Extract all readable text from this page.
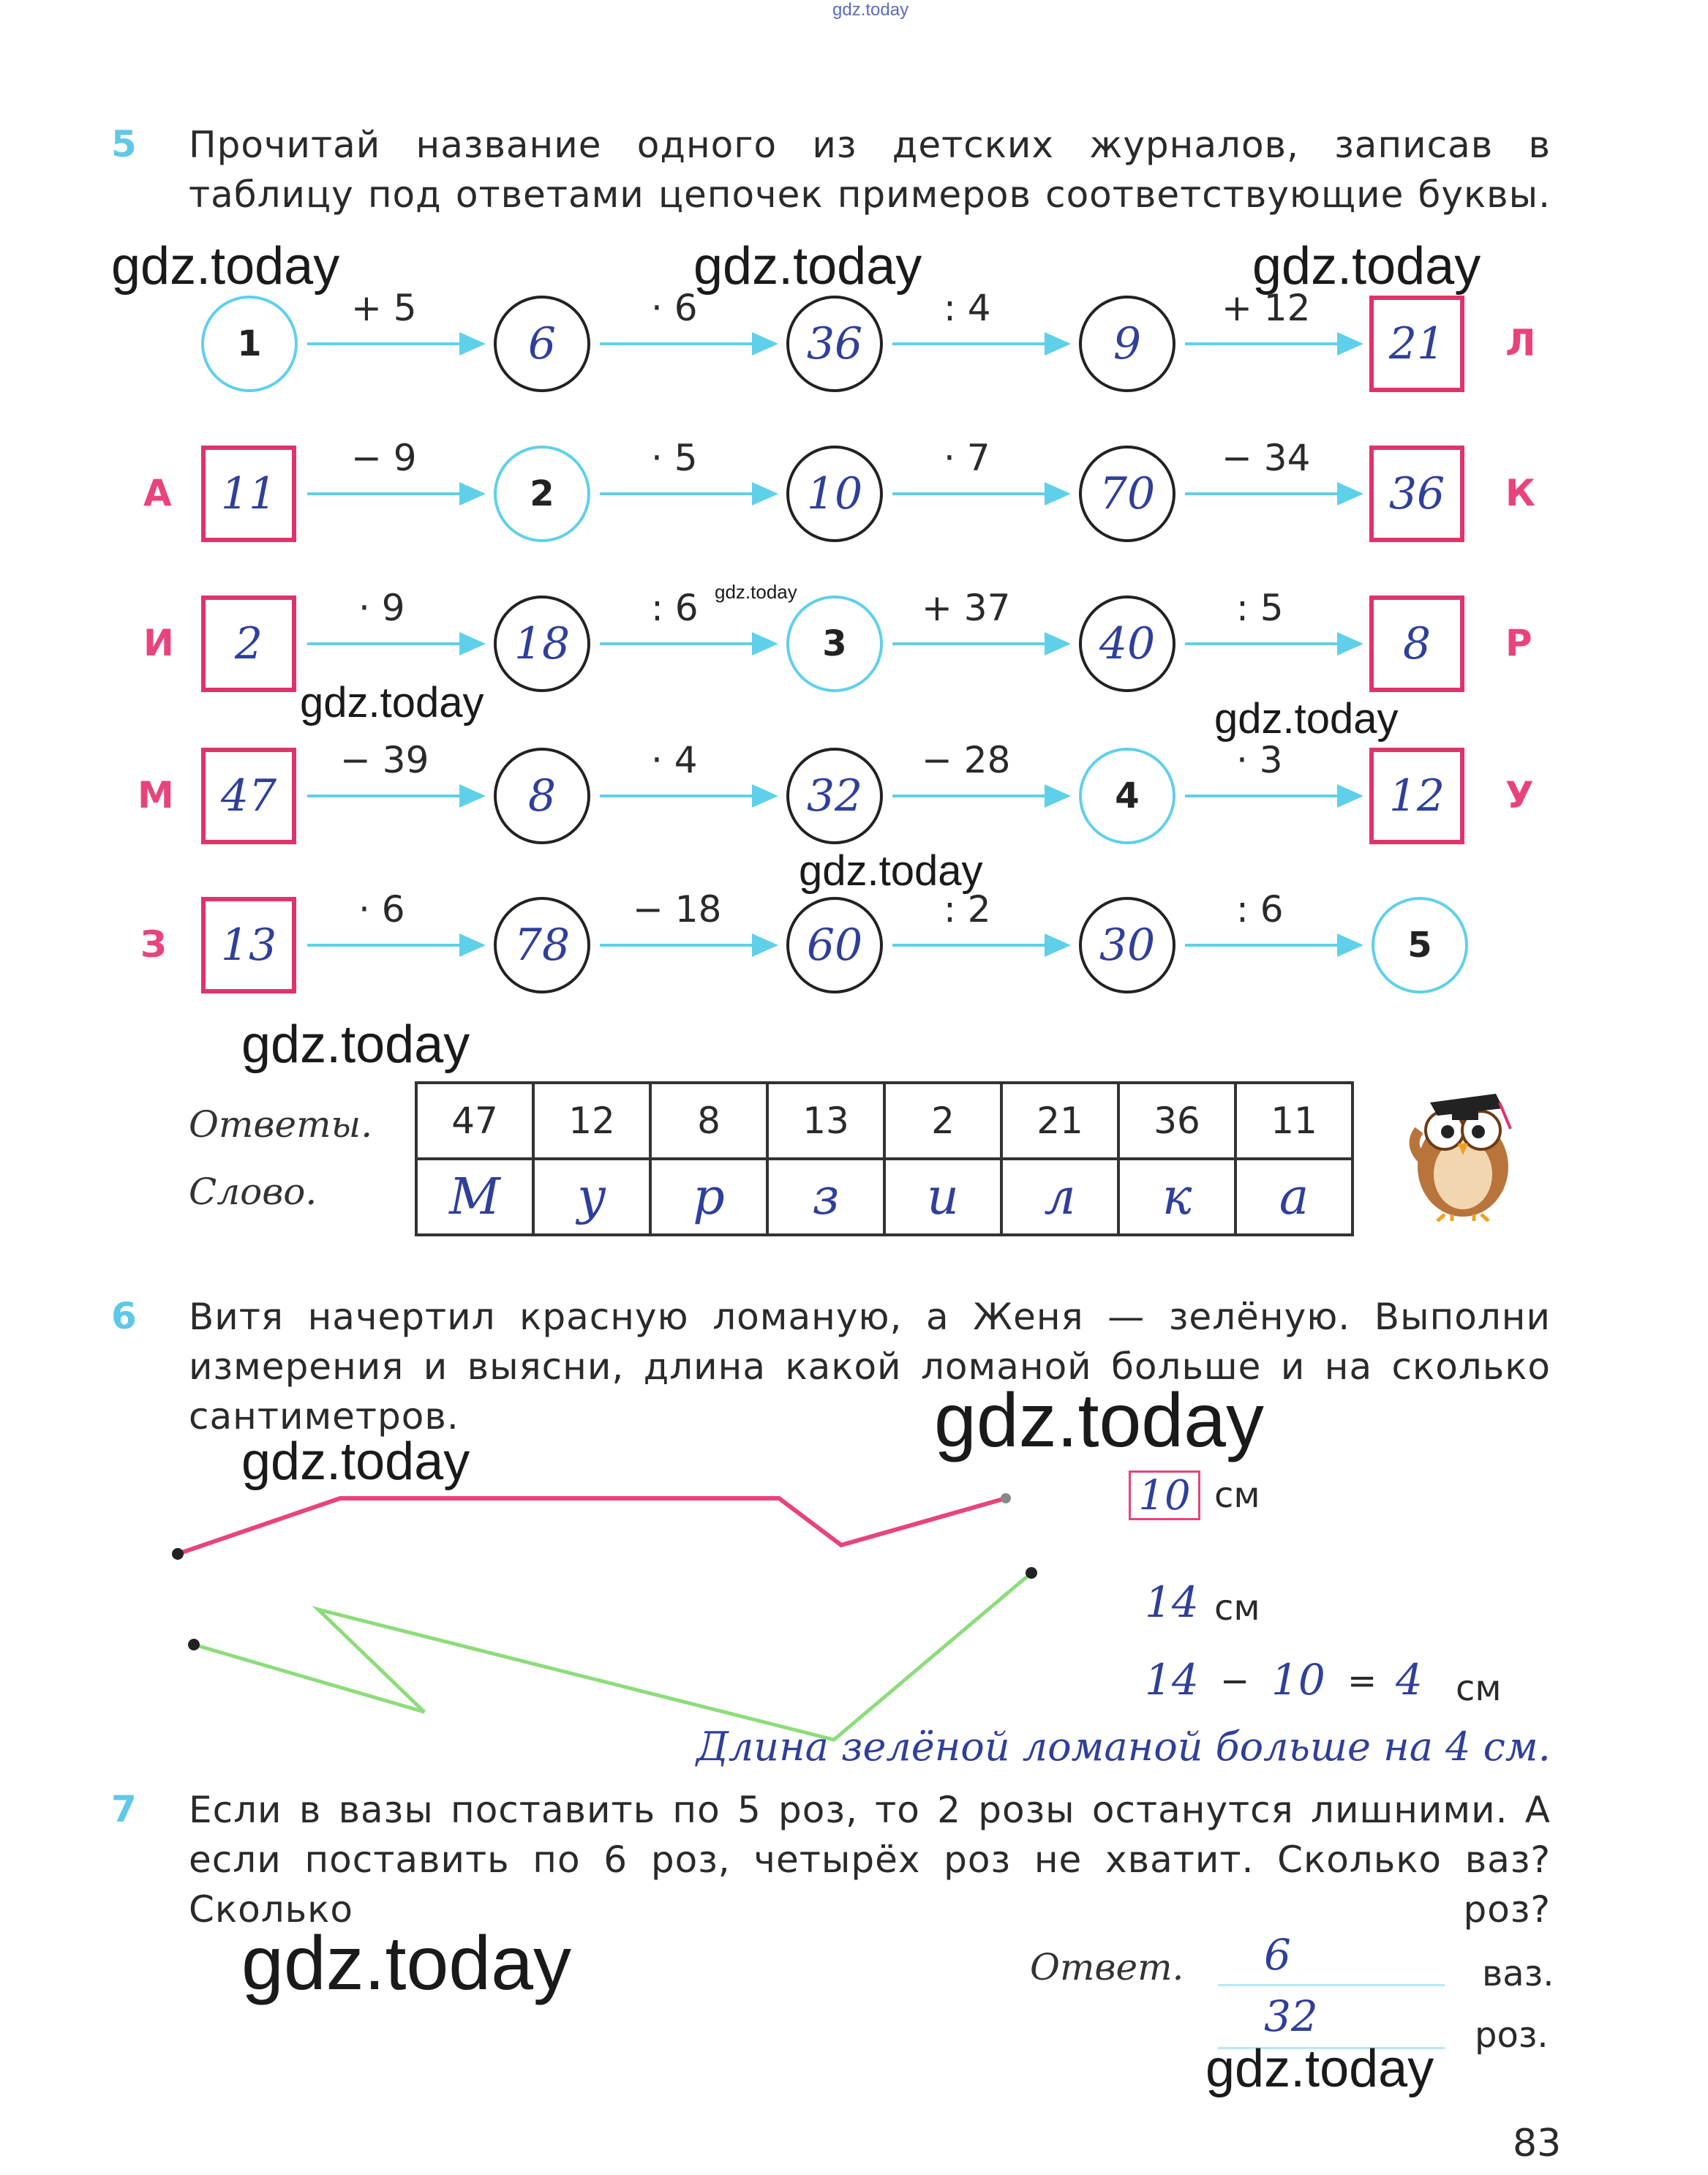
gdz.today
5 Прочитай название одного из детских журналов, записав в таблицу под ответами цепочек примеров соответствующие буквы.

1
+ 5
6
· 6
36
: 4
9
+ 12
21 Л
А 11
− 9
2
· 5
10
· 7
70
− 34
36 К
И 2
· 9
18
: 6
3
+ 37
40
: 5
8 Р
М 47
− 39
8
· 4
32
− 28
4
· 3
12 У
З 13
· 6
78
− 18
60
: 2
30
: 6
5
Ответы.
Слово.
47	12	8	13	2	21	36	11
М	у	р	з	и	л	к	а
6 Витя начертил красную ломаную, а Женя — зелёную. Выполни измерения и выясни, длина какой ломаной больше и на сколько сантиметров.

10 см
14 см
14 − 10 = 4 см
Длина зелёной ломаной больше на 4 см.
7 Если в вазы поставить по 5 роз, то 2 розы останутся лишними. А если поставить по 6 роз, четырёх роз не хватит. Сколько ваз? Сколько роз?

Ответ. 6	ваз.
32	роз.
83
gdz.today	gdz.today	gdz.today
gdz.today
gdz.today	gdz.today
gdz.today
gdz.today
gdz.today
gdz.today
gdz.today
gdz.today
